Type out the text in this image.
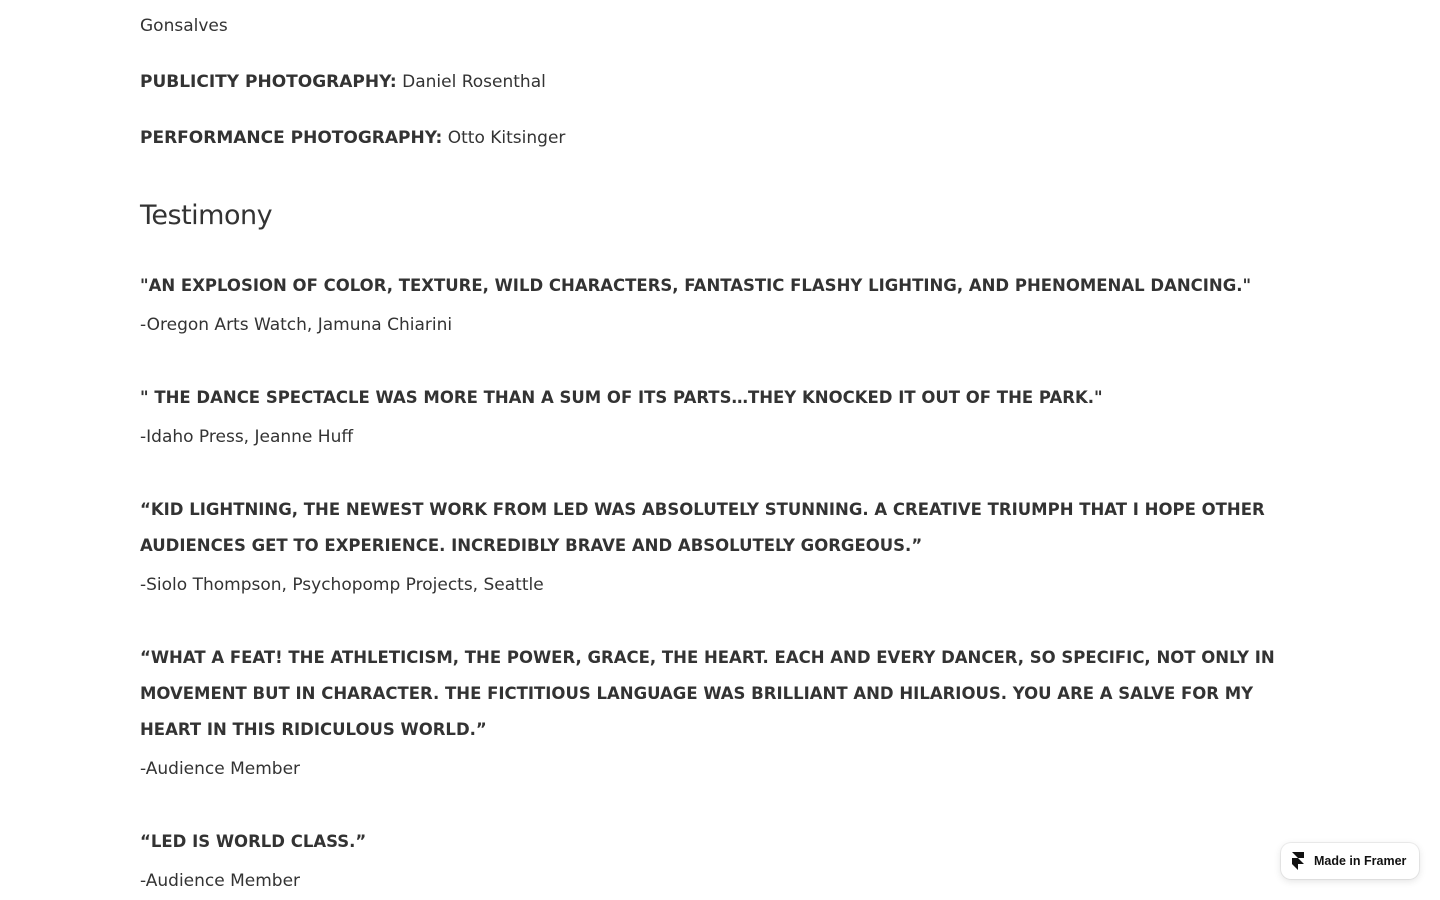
Gonsalves
PUBLICITY PHOTOGRAPHY: Daniel Rosenthal
PERFORMANCE PHOTOGRAPHY: Otto Kitsinger
Testimony

"AN EXPLOSION OF COLOR, TEXTURE, WILD CHARACTERS, FANTASTIC FLASHY LIGHTING, AND PHENOMENAL DANCING."

-Oregon Arts Watch, Jamuna Chiarini

" THE DANCE SPECTACLE WAS MORE THAN A SUM OF ITS PARTS…THEY KNOCKED IT OUT OF THE PARK."

-Idaho Press, Jeanne Huff

“KID LIGHTNING, THE NEWEST WORK FROM LED WAS ABSOLUTELY STUNNING. A CREATIVE TRIUMPH THAT I HOPE OTHER AUDIENCES GET TO EXPERIENCE. INCREDIBLY BRAVE AND ABSOLUTELY GORGEOUS.”

-Siolo Thompson, Psychopomp Projects, Seattle

“WHAT A FEAT! THE ATHLETICISM, THE POWER, GRACE, THE HEART. EACH AND EVERY DANCER, SO SPECIFIC, NOT ONLY IN MOVEMENT BUT IN CHARACTER. THE FICTITIOUS LANGUAGE WAS BRILLIANT AND HILARIOUS. YOU ARE A SALVE FOR MY HEART IN THIS RIDICULOUS WORLD.”

-Audience Member

“LED IS WORLD CLASS.”

-Audience Member
Made in Framer
